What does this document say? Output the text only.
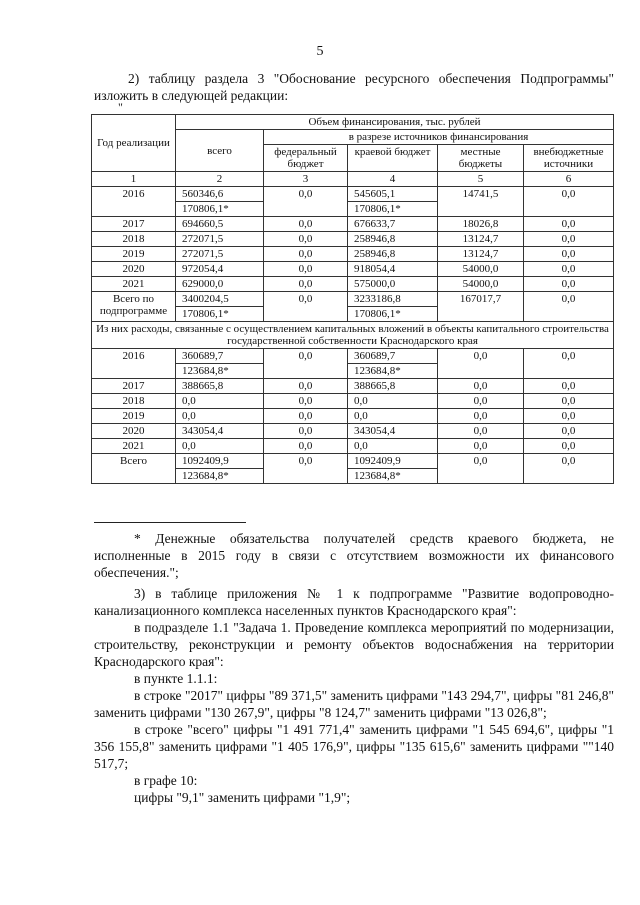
5
2) таблицу раздела 3 "Обоснование ресурсного обеспечения Подпрограммы" изложить в следующей редакции:
"
Год реализации	Объем финансирования, тыс. рублей				
	всего	в разрезе источников финансирования			
		федеральный бюджет	краевой бюджет	местные бюджеты	внебюджетные источники
1	2	3	4	5	6
2016	560346,6	0,0	545605,1	14741,5	0,0
	170806,1*		170806,1*		
2017	694660,5	0,0	676633,7	18026,8	0,0
2018	272071,5	0,0	258946,8	13124,7	0,0
2019	272071,5	0,0	258946,8	13124,7	0,0
2020	972054,4	0,0	918054,4	54000,0	0,0
2021	629000,0	0,0	575000,0	54000,0	0,0
Всего по подпрограмме	3400204,5	0,0	3233186,8	167017,7	0,0
	170806,1*		170806,1*		
Из них расходы, связанные с осуществлением капитальных вложений в объекты капитального строительства государственной собственности Краснодарского края					
2016	360689,7	0,0	360689,7	0,0	0,0
	123684,8*		123684,8*		
2017	388665,8	0,0	388665,8	0,0	0,0
2018	0,0	0,0	0,0	0,0	0,0
2019	0,0	0,0	0,0	0,0	0,0
2020	343054,4	0,0	343054,4	0,0	0,0
2021	0,0	0,0	0,0	0,0	0,0
Всего	1092409,9	0,0	1092409,9	0,0	0,0
	123684,8*		123684,8*		

* Денежные обязательства получателей средств краевого бюджета, не исполненные в 2015 году в связи с отсутствием возможности их финансового обеспечения.";

3) в таблице приложения № 1 к подпрограмме "Развитие водопроводно-канализационного комплекса населенных пунктов Краснодарского края":

в подразделе 1.1 "Задача 1. Проведение комплекса мероприятий по модернизации, строительству, реконструкции и ремонту объектов водоснабжения на территории Краснодарского края":

в пункте 1.1.1:

в строке "2017" цифры "89 371,5" заменить цифрами "143 294,7", цифры "81 246,8" заменить цифрами "130 267,9", цифры "8 124,7" заменить цифрами "13 026,8";

в строке "всего" цифры "1 491 771,4" заменить цифрами "1 545 694,6", цифры "1 356 155,8" заменить цифрами "1 405 176,9", цифры "135 615,6" заменить цифрами ""140 517,7;

в графе 10:

цифры "9,1" заменить цифрами "1,9";
